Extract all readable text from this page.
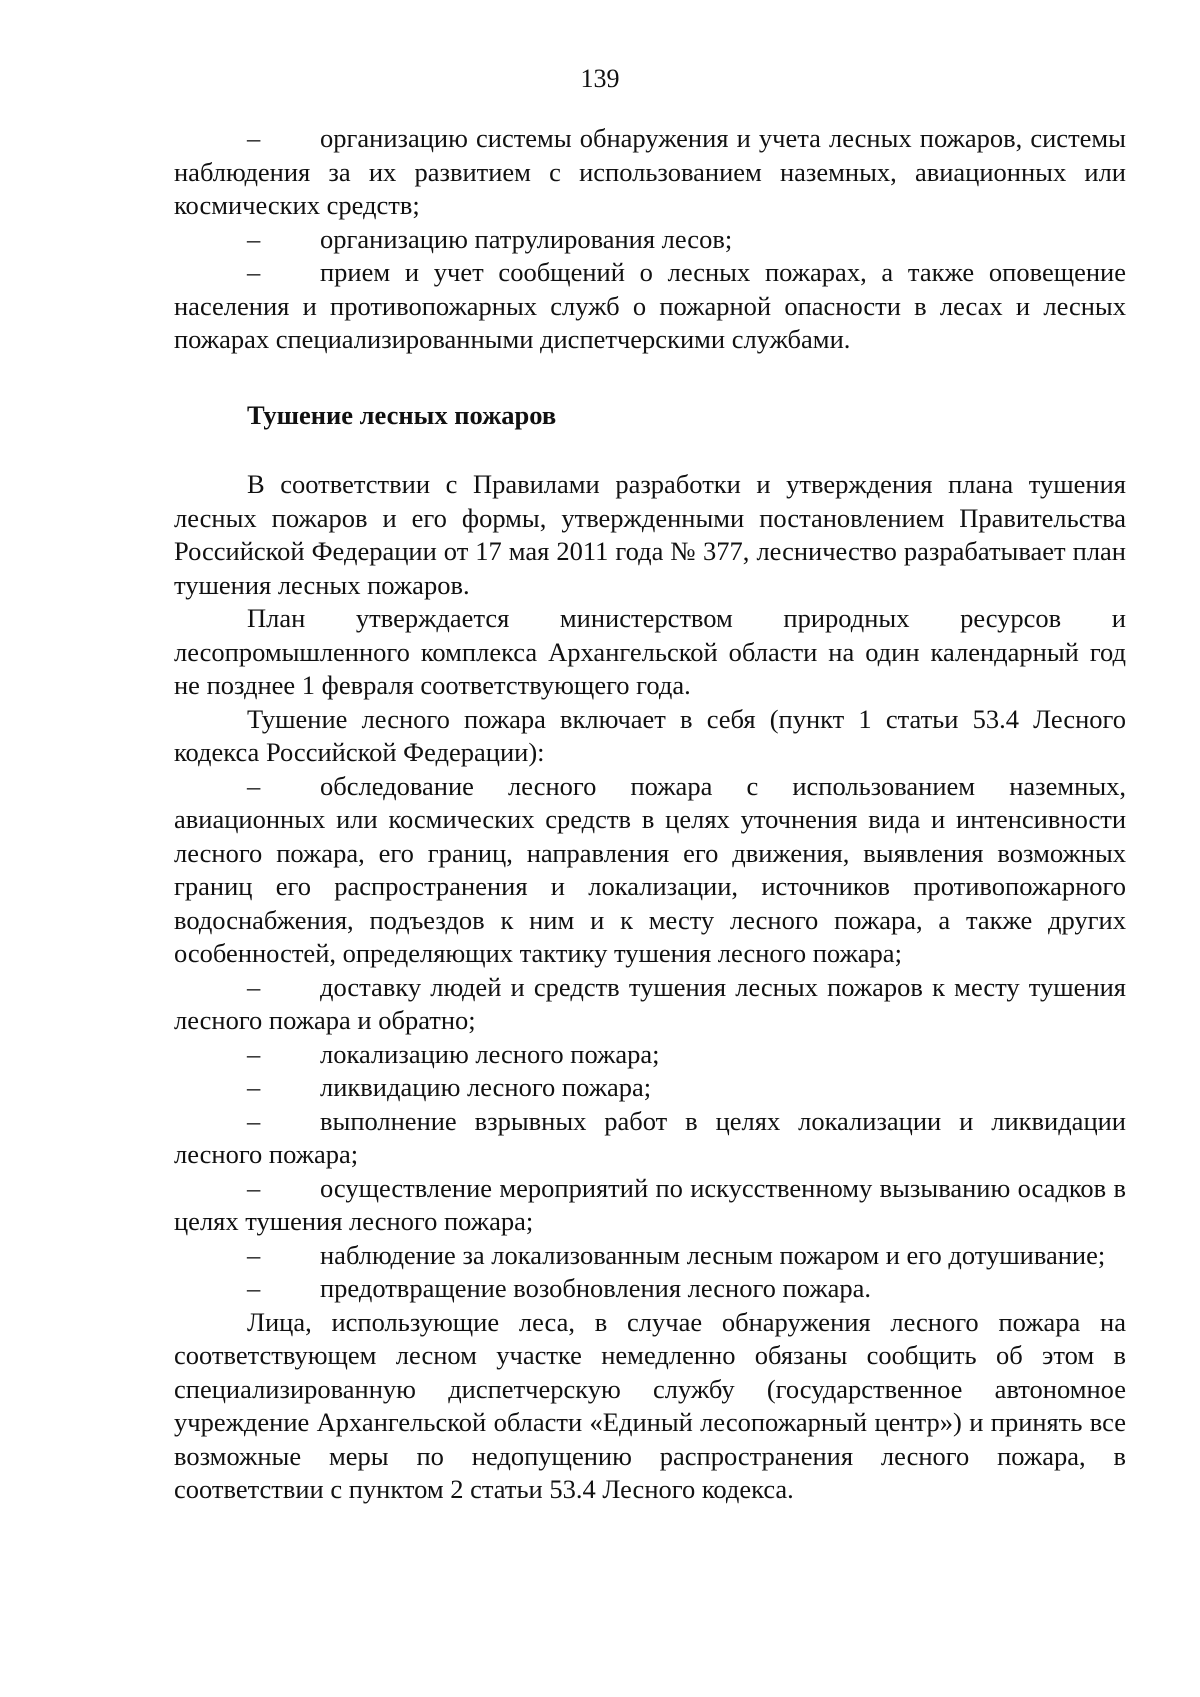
139

– организацию системы обнаружения и учета лесных пожаров, системы наблюдения за их развитием с использованием наземных, авиационных или космических средств;

– организацию патрулирования лесов;

– прием и учет сообщений о лесных пожарах, а также оповещение населения и противопожарных служб о пожарной опасности в лесах и лесных пожарах специализированными диспетчерскими службами.

Тушение лесных пожаров

В соответствии с Правилами разработки и утверждения плана тушения лесных пожаров и его формы, утвержденными постановлением Правительства Российской Федерации от 17 мая 2011 года № 377, лесничество разрабатывает план тушения лесных пожаров.

План утверждается министерством природных ресурсов и лесопромышленного комплекса Архангельской области на один календарный год не позднее 1 февраля соответствующего года.

Тушение лесного пожара включает в себя (пункт 1 статьи 53.4 Лесного кодекса Российской Федерации):

– обследование лесного пожара с использованием наземных, авиационных или космических средств в целях уточнения вида и интенсивности лесного пожара, его границ, направления его движения, выявления возможных границ его распространения и локализации, источников противопожарного водоснабжения, подъездов к ним и к месту лесного пожара, а также других особенностей, определяющих тактику тушения лесного пожара;

– доставку людей и средств тушения лесных пожаров к месту тушения лесного пожара и обратно;

– локализацию лесного пожара;

– ликвидацию лесного пожара;

– выполнение взрывных работ в целях локализации и ликвидации лесного пожара;

– осуществление мероприятий по искусственному вызыванию осадков в целях тушения лесного пожара;

– наблюдение за локализованным лесным пожаром и его дотушивание;

– предотвращение возобновления лесного пожара.

Лица, использующие леса, в случае обнаружения лесного пожара на соответствующем лесном участке немедленно обязаны сообщить об этом в специализированную диспетчерскую службу (государственное автономное учреждение Архангельской области «Единый лесопожарный центр») и принять все возможные меры по недопущению распространения лесного пожара, в соответствии с пунктом 2 статьи 53.4 Лесного кодекса.
